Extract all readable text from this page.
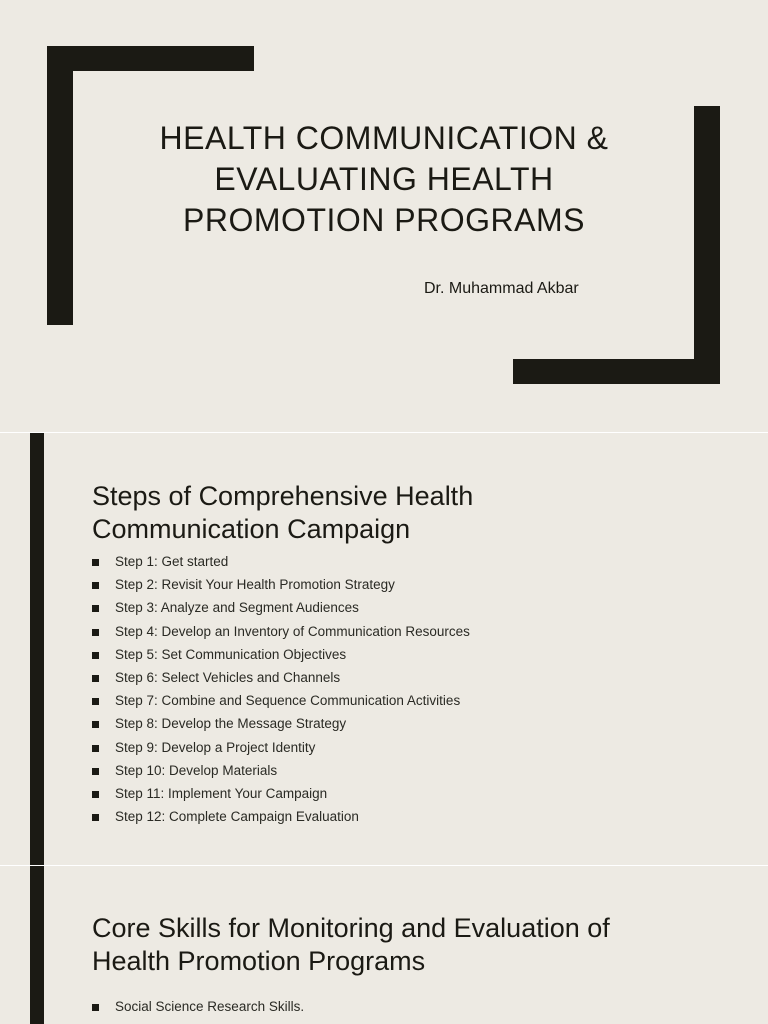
HEALTH COMMUNICATION &
EVALUATING HEALTH
PROMOTION PROGRAMS
Dr. Muhammad Akbar
Steps of Comprehensive Health
Communication Campaign
Step 1: Get started
Step 2: Revisit Your Health Promotion Strategy
Step 3: Analyze and Segment Audiences
Step 4: Develop an Inventory of Communication Resources
Step 5: Set Communication Objectives
Step 6: Select Vehicles and Channels
Step 7: Combine and Sequence Communication Activities
Step 8: Develop the Message Strategy
Step 9: Develop a Project Identity
Step 10: Develop Materials
Step 11: Implement Your Campaign
Step 12: Complete Campaign Evaluation
Core Skills for Monitoring and Evaluation of
Health Promotion Programs
Social Science Research Skills.
